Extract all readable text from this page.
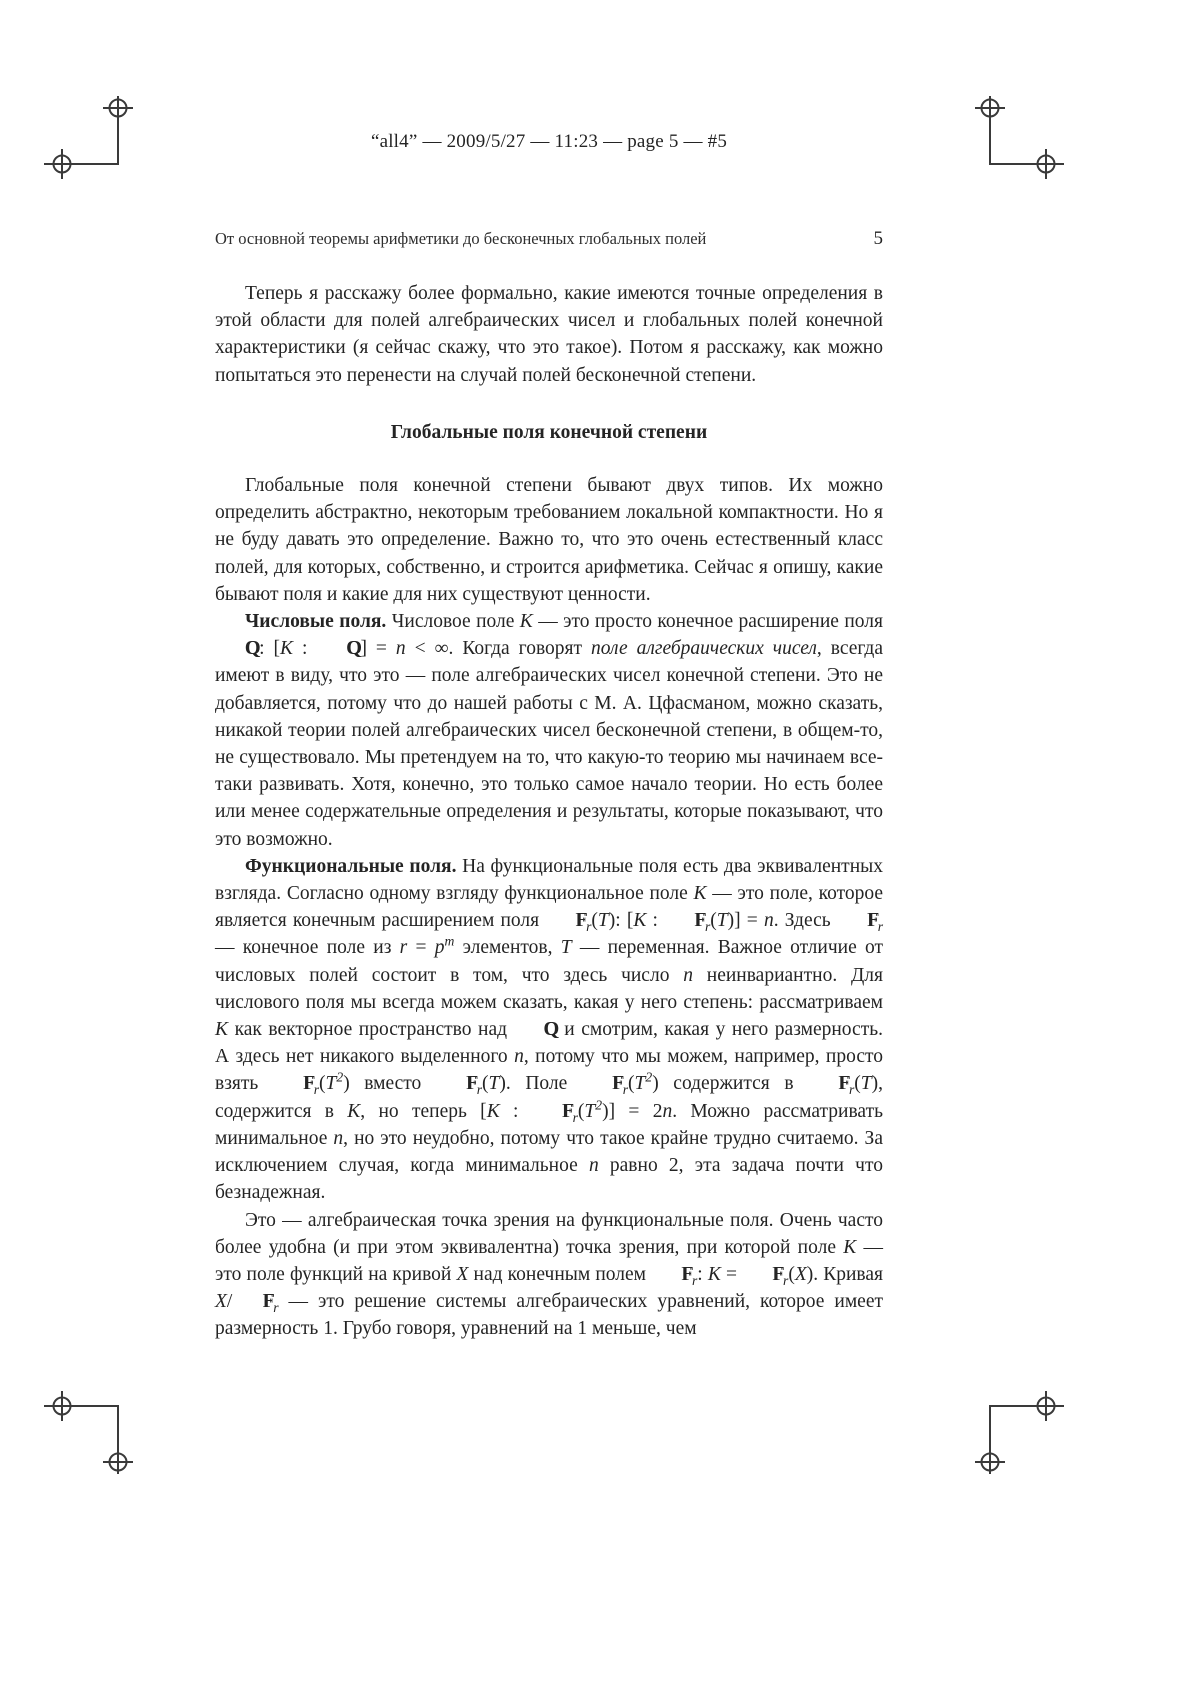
“all4” — 2009/5/27 — 11:23 — page 5 — #5
От основной теоремы арифметики до бесконечных глобальных полей	5

Теперь я расскажу более формально, какие имеются точные определения в этой области для полей алгебраических чисел и глобальных полей конечной характеристики (я сейчас скажу, что это такое). Потом я расскажу, как можно попытаться это перенести на случай полей бесконечной степени.

Глобальные поля конечной степени

Глобальные поля конечной степени бывают двух типов. Их можно определить абстрактно, некоторым требованием локальной компактности. Но я не буду давать это определение. Важно то, что это очень естественный класс полей, для которых, собственно, и строится арифметика. Сейчас я опишу, какие бывают поля и какие для них существуют ценности.

Числовые поля. Числовое поле K — это просто конечное расширение поля Q Q: [K : Q Q] = n < ∞. Когда говорят поле алгебраических чисел, всегда имеют в виду, что это — поле алгебраических чисел конечной степени. Это не добавляется, потому что до нашей работы с М. А. Цфасманом, можно сказать, никакой теории полей алгебраических чисел бесконечной степени, в общем-то, не существовало. Мы претендуем на то, что какую-то теорию мы начинаем все-таки развивать. Хотя, конечно, это только самое начало теории. Но есть более или менее содержательные определения и результаты, которые показывают, что это возможно.

Функциональные поля. На функциональные поля есть два эквивалентных взгляда. Согласно одному взгляду функциональное поле K — это поле, которое является конечным расширением поля F $F_r(T)$: [K : F $F_r(T)] = n$. Здесь F $F_r$ — конечное поле из $r = p^m$ элементов, T — переменная. Важное отличие от числовых полей состоит в том, что здесь число n неинвариантно. Для числового поля мы всегда можем сказать, какая у него степень: рассматриваем K как векторное пространство над Q Q и смотрим, какая у него размерность. А здесь нет никакого выделенного n, потому что мы можем, например, просто взять F $F_r(T^2)$ вместо F $F_r(T)$. Поле F $F_r(T^2)$ содержится в F $F_r(T)$, содержится в K, но теперь [K : F $F_r(T^2)] = 2n$. Можно рассматривать минимальное n, но это неудобно, потому что такое крайне трудно считаемо. За исключением случая, когда минимальное n равно 2, эта задача почти что безнадежная.

Это — алгебраическая точка зрения на функциональные поля. Очень часто более удобна (и при этом эквивалентна) точка зрения, при которой поле K — это поле функций на кривой X над конечным полем F $F_r$: K = F $F_r(X)$. Кривая X/ F $F_r$ — это решение системы алгебраических уравнений, которое имеет размерность 1. Грубо говоря, уравнений на 1 меньше, чем
